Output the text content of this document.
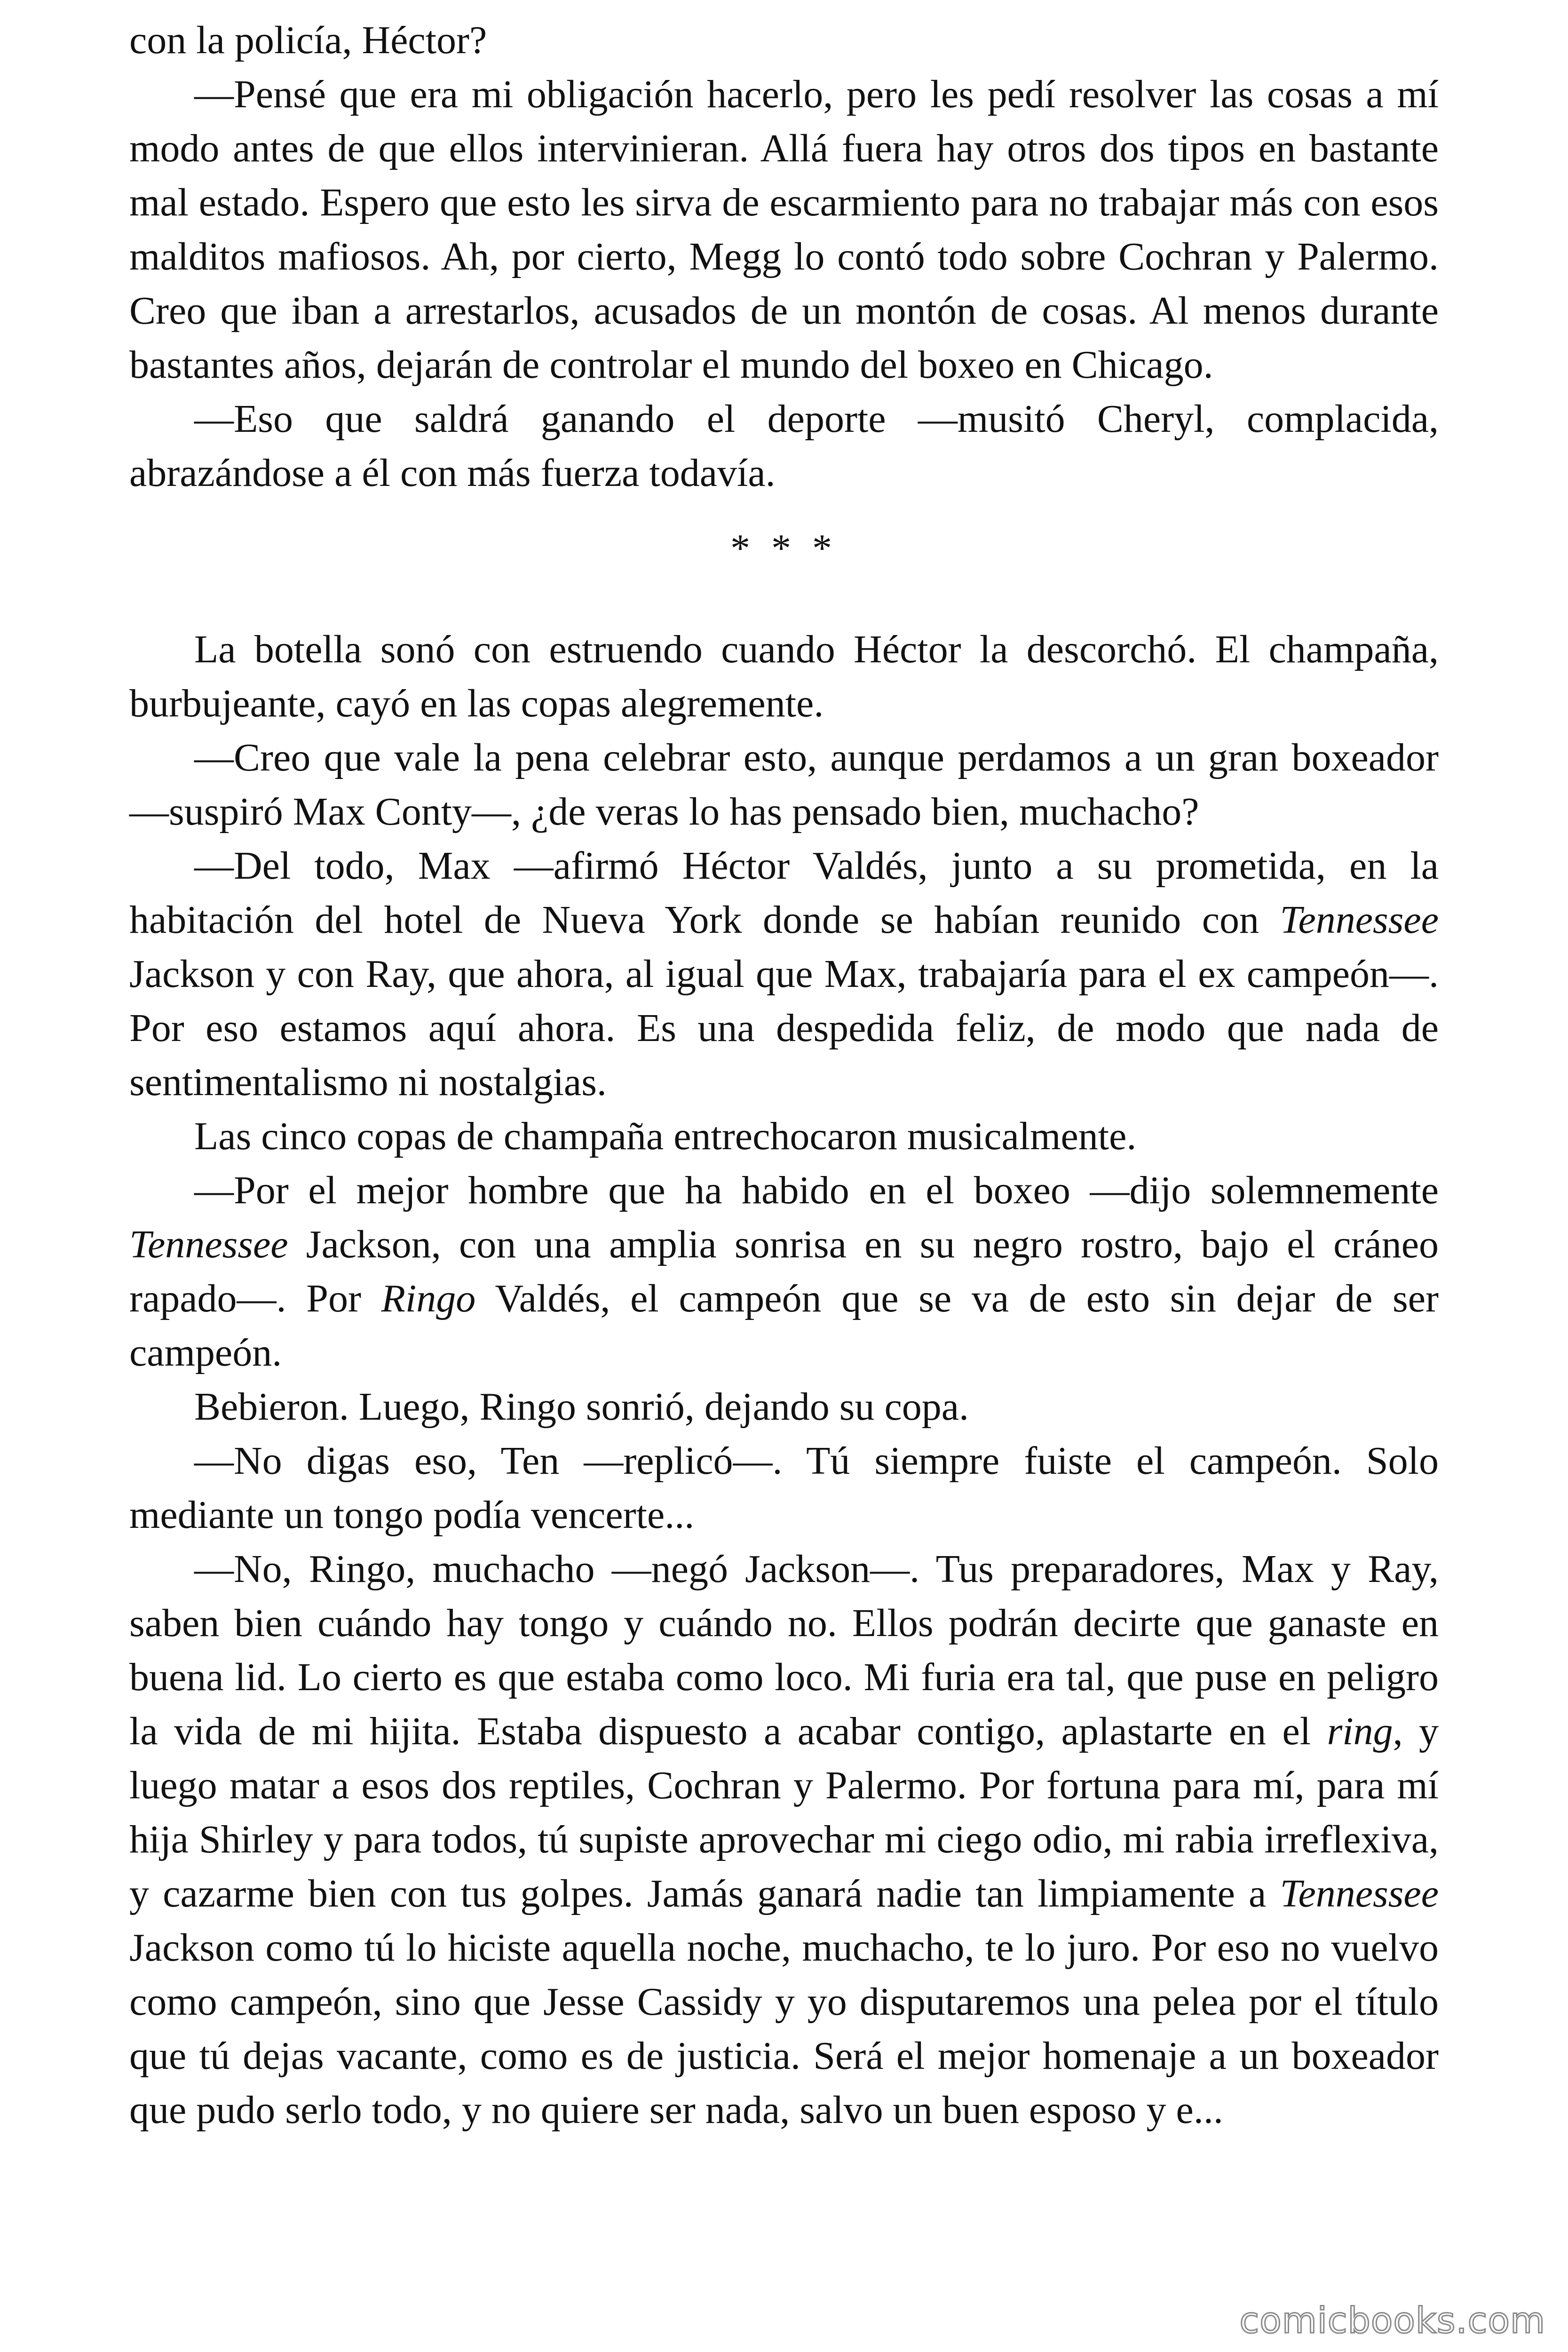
con la policía, Héctor?

—Pensé que era mi obligación hacerlo, pero les pedí resolver las cosas a mí modo antes de que ellos intervinieran. Allá fuera hay otros dos tipos en bastante mal estado. Espero que esto les sirva de escarmiento para no trabajar más con esos malditos mafiosos. Ah, por cierto, Megg lo contó todo sobre Cochran y Palermo. Creo que iban a arrestarlos, acusados de un montón de cosas. Al menos durante bastantes años, dejarán de controlar el mundo del boxeo en Chicago.

—Eso que saldrá ganando el deporte —musitó Cheryl, complacida, abrazándose a él con más fuerza todavía.

* * *

La botella sonó con estruendo cuando Héctor la descorchó. El champaña, burbujeante, cayó en las copas alegremente.

—Creo que vale la pena celebrar esto, aunque perdamos a un gran boxeador —suspiró Max Conty—, ¿de veras lo has pensado bien, muchacho?

—Del todo, Max —afirmó Héctor Valdés, junto a su prometida, en la habitación del hotel de Nueva York donde se habían reunido con Tennessee Jackson y con Ray, que ahora, al igual que Max, trabajaría para el ex campeón—. Por eso estamos aquí ahora. Es una despedida feliz, de modo que nada de sentimentalismo ni nostalgias.

Las cinco copas de champaña entrechocaron musicalmente.

—Por el mejor hombre que ha habido en el boxeo —dijo solemnemente Tennessee Jackson, con una amplia sonrisa en su negro rostro, bajo el cráneo rapado—. Por Ringo Valdés, el campeón que se va de esto sin dejar de ser campeón.

Bebieron. Luego, Ringo sonrió, dejando su copa.

—No digas eso, Ten —replicó—. Tú siempre fuiste el campeón. Solo mediante un tongo podía vencerte...

—No, Ringo, muchacho —negó Jackson—. Tus preparadores, Max y Ray, saben bien cuándo hay tongo y cuándo no. Ellos podrán decirte que ganaste en buena lid. Lo cierto es que estaba como loco. Mi furia era tal, que puse en peligro la vida de mi hijita. Estaba dispuesto a acabar contigo, aplastarte en el ring, y luego matar a esos dos reptiles, Cochran y Palermo. Por fortuna para mí, para mí hija Shirley y para todos, tú supiste aprovechar mi ciego odio, mi rabia irreflexiva, y cazarme bien con tus golpes. Jamás ganará nadie tan limpiamente a Tennessee Jackson como tú lo hiciste aquella noche, muchacho, te lo juro. Por eso no vuelvo como campeón, sino que Jesse Cassidy y yo disputaremos una pelea por el título que tú dejas vacante, como es de justicia. Será el mejor homenaje a un boxeador que pudo serlo todo, y no quiere ser nada, salvo un buen esposo y e...

comicbooks.com
